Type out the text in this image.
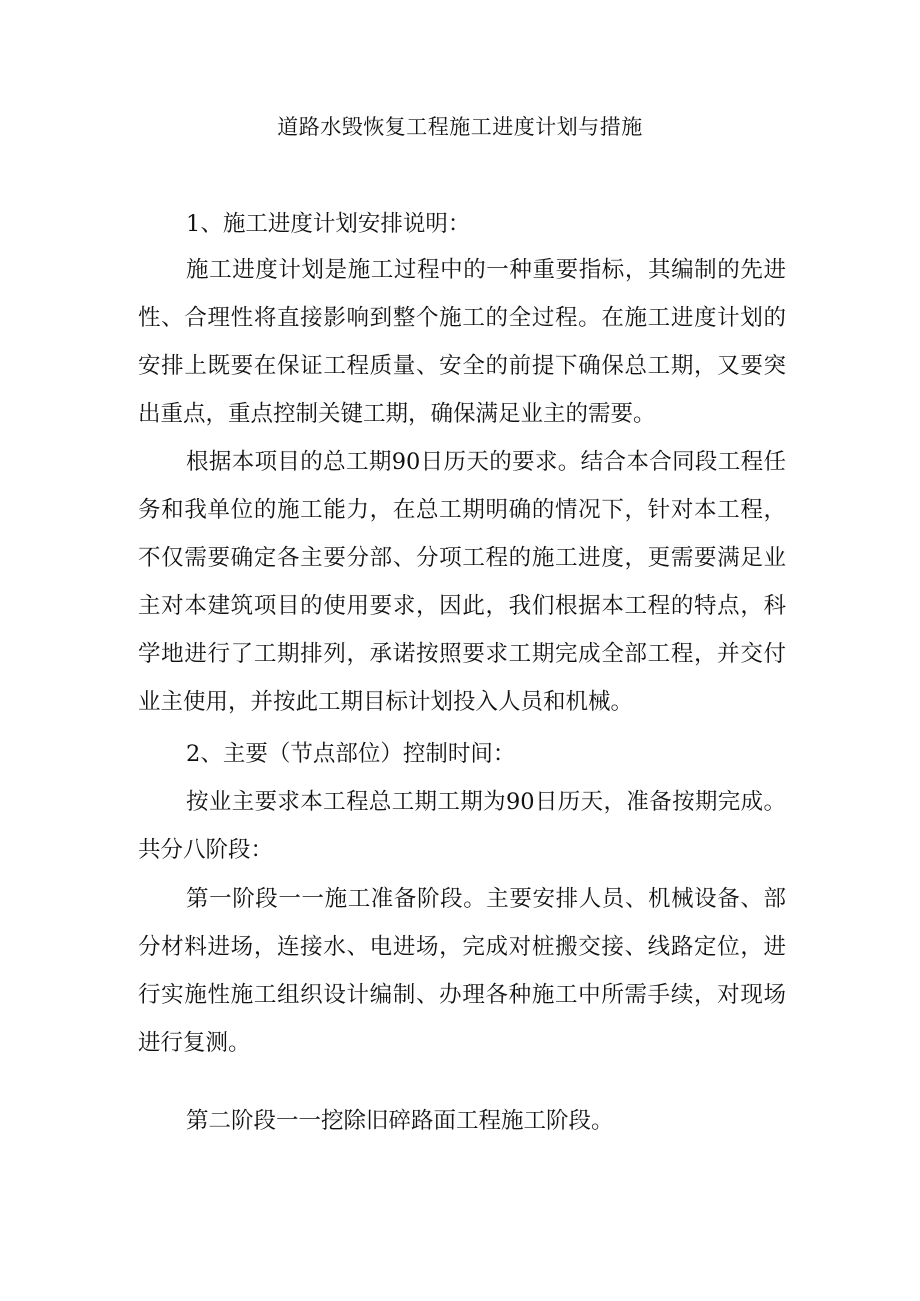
道路水毁恢复工程施工进度计划与措施

1、施工进度计划安排说明：

施工进度计划是施工过程中的一种重要指标，其编制的先进性、合理性将直接影响到整个施工的全过程。在施工进度计划的安排上既要在保证工程质量、安全的前提下确保总工期，又要突出重点，重点控制关键工期，确保满足业主的需要。

根据本项目的总工期90日历天的要求。结合本合同段工程任务和我单位的施工能力，在总工期明确的情况下，针对本工程，不仅需要确定各主要分部、分项工程的施工进度，更需要满足业主对本建筑项目的使用要求，因此，我们根据本工程的特点，科学地进行了工期排列，承诺按照要求工期完成全部工程，并交付业主使用，并按此工期目标计划投入人员和机械。

2、主要（节点部位）控制时间：

按业主要求本工程总工期工期为90日历天，准备按期完成。共分八阶段：

第一阶段一一施工准备阶段。主要安排人员、机械设备、部分材料进场，连接水、电进场，完成对桩搬交接、线路定位，进行实施性施工组织设计编制、办理各种施工中所需手续，对现场进行复测。

第二阶段一一挖除旧碎路面工程施工阶段。
